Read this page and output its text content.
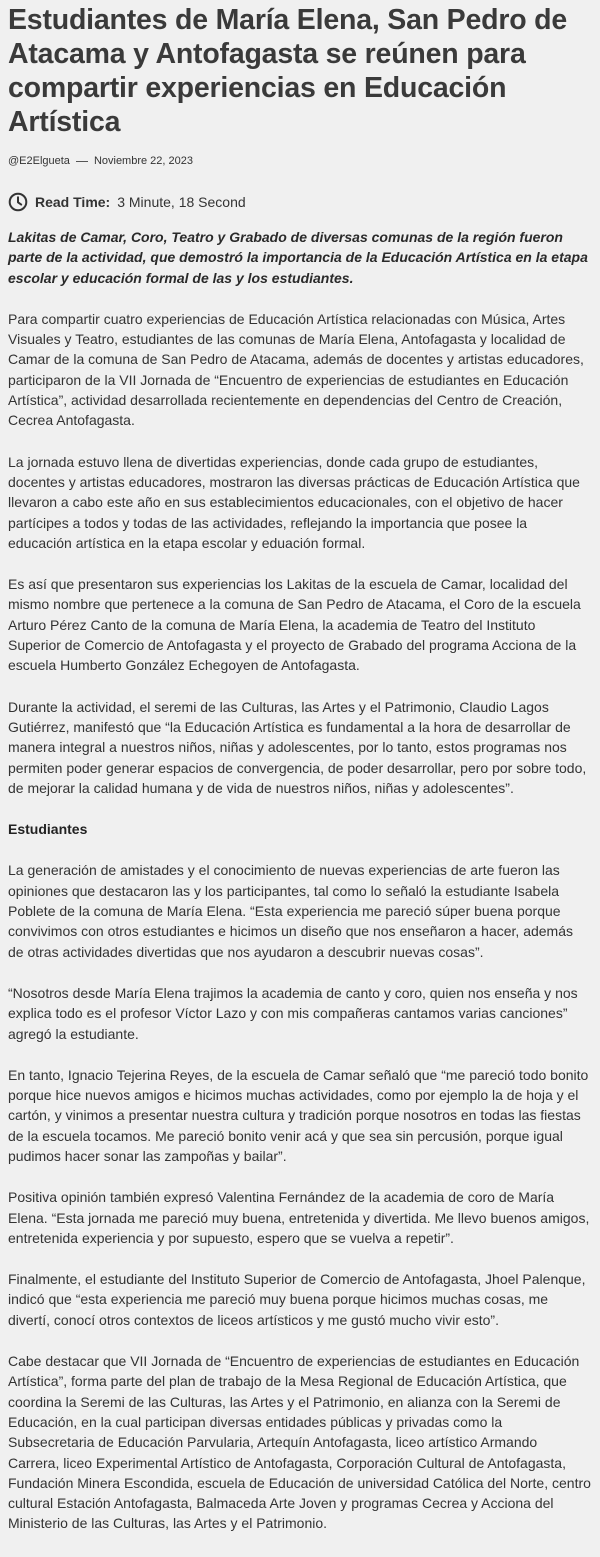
Estudiantes de María Elena, San Pedro de Atacama y Antofagasta se reúnen para compartir experiencias en Educación Artística
@E2Elgueta Noviembre 22, 2023
Read Time: 3 Minute, 18 Second

Lakitas de Camar, Coro, Teatro y Grabado de diversas comunas de la región fueron parte de la actividad, que demostró la importancia de la Educación Artística en la etapa escolar y educación formal de las y los estudiantes.

Para compartir cuatro experiencias de Educación Artística relacionadas con Música, Artes Visuales y Teatro, estudiantes de las comunas de María Elena, Antofagasta y localidad de Camar de la comuna de San Pedro de Atacama, además de docentes y artistas educadores, participaron de la VII Jornada de “Encuentro de experiencias de estudiantes en Educación Artística”, actividad desarrollada recientemente en dependencias del Centro de Creación, Cecrea Antofagasta.

La jornada estuvo llena de divertidas experiencias, donde cada grupo de estudiantes, docentes y artistas educadores, mostraron las diversas prácticas de Educación Artística que llevaron a cabo este año en sus establecimientos educacionales, con el objetivo de hacer partícipes a todos y todas de las actividades, reflejando la importancia que posee la educación artística en la etapa escolar y eduación formal.

Es así que presentaron sus experiencias los Lakitas de la escuela de Camar, localidad del mismo nombre que pertenece a la comuna de San Pedro de Atacama, el Coro de la escuela Arturo Pérez Canto de la comuna de María Elena, la academia de Teatro del Instituto Superior de Comercio de Antofagasta y el proyecto de Grabado del programa Acciona de la escuela Humberto González Echegoyen de Antofagasta.

Durante la actividad, el seremi de las Culturas, las Artes y el Patrimonio, Claudio Lagos Gutiérrez, manifestó que “la Educación Artística es fundamental a la hora de desarrollar de manera integral a nuestros niños, niñas y adolescentes, por lo tanto, estos programas nos permiten poder generar espacios de convergencia, de poder desarrollar, pero por sobre todo, de mejorar la calidad humana y de vida de nuestros niños, niñas y adolescentes”.

Estudiantes

La generación de amistades y el conocimiento de nuevas experiencias de arte fueron las opiniones que destacaron las y los participantes, tal como lo señaló la estudiante Isabela Poblete de la comuna de María Elena. “Esta experiencia me pareció súper buena porque convivimos con otros estudiantes e hicimos un diseño que nos enseñaron a hacer, además de otras actividades divertidas que nos ayudaron a descubrir nuevas cosas”.

“Nosotros desde María Elena trajimos la academia de canto y coro, quien nos enseña y nos explica todo es el profesor Víctor Lazo y con mis compañeras cantamos varias canciones” agregó la estudiante.

En tanto, Ignacio Tejerina Reyes, de la escuela de Camar señaló que “me pareció todo bonito porque hice nuevos amigos e hicimos muchas actividades, como por ejemplo la de hoja y el cartón, y vinimos a presentar nuestra cultura y tradición porque nosotros en todas las fiestas de la escuela tocamos. Me pareció bonito venir acá y que sea sin percusión, porque igual pudimos hacer sonar las zampoñas y bailar”.

Positiva opinión también expresó Valentina Fernández de la academia de coro de María Elena. “Esta jornada me pareció muy buena, entretenida y divertida. Me llevo buenos amigos, entretenida experiencia y por supuesto, espero que se vuelva a repetir”.

Finalmente, el estudiante del Instituto Superior de Comercio de Antofagasta, Jhoel Palenque, indicó que “esta experiencia me pareció muy buena porque hicimos muchas cosas, me divertí, conocí otros contextos de liceos artísticos y me gustó mucho vivir esto”.

Cabe destacar que VII Jornada de “Encuentro de experiencias de estudiantes en Educación Artística”, forma parte del plan de trabajo de la Mesa Regional de Educación Artística, que coordina la Seremi de las Culturas, las Artes y el Patrimonio, en alianza con la Seremi de Educación, en la cual participan diversas entidades públicas y privadas como la Subsecretaria de Educación Parvularia, Artequín Antofagasta, liceo artístico Armando Carrera, liceo Experimental Artístico de Antofagasta, Corporación Cultural de Antofagasta, Fundación Minera Escondida, escuela de Educación de universidad Católica del Norte, centro cultural Estación Antofagasta, Balmaceda Arte Joven y programas Cecrea y Acciona del Ministerio de las Culturas, las Artes y el Patrimonio.
